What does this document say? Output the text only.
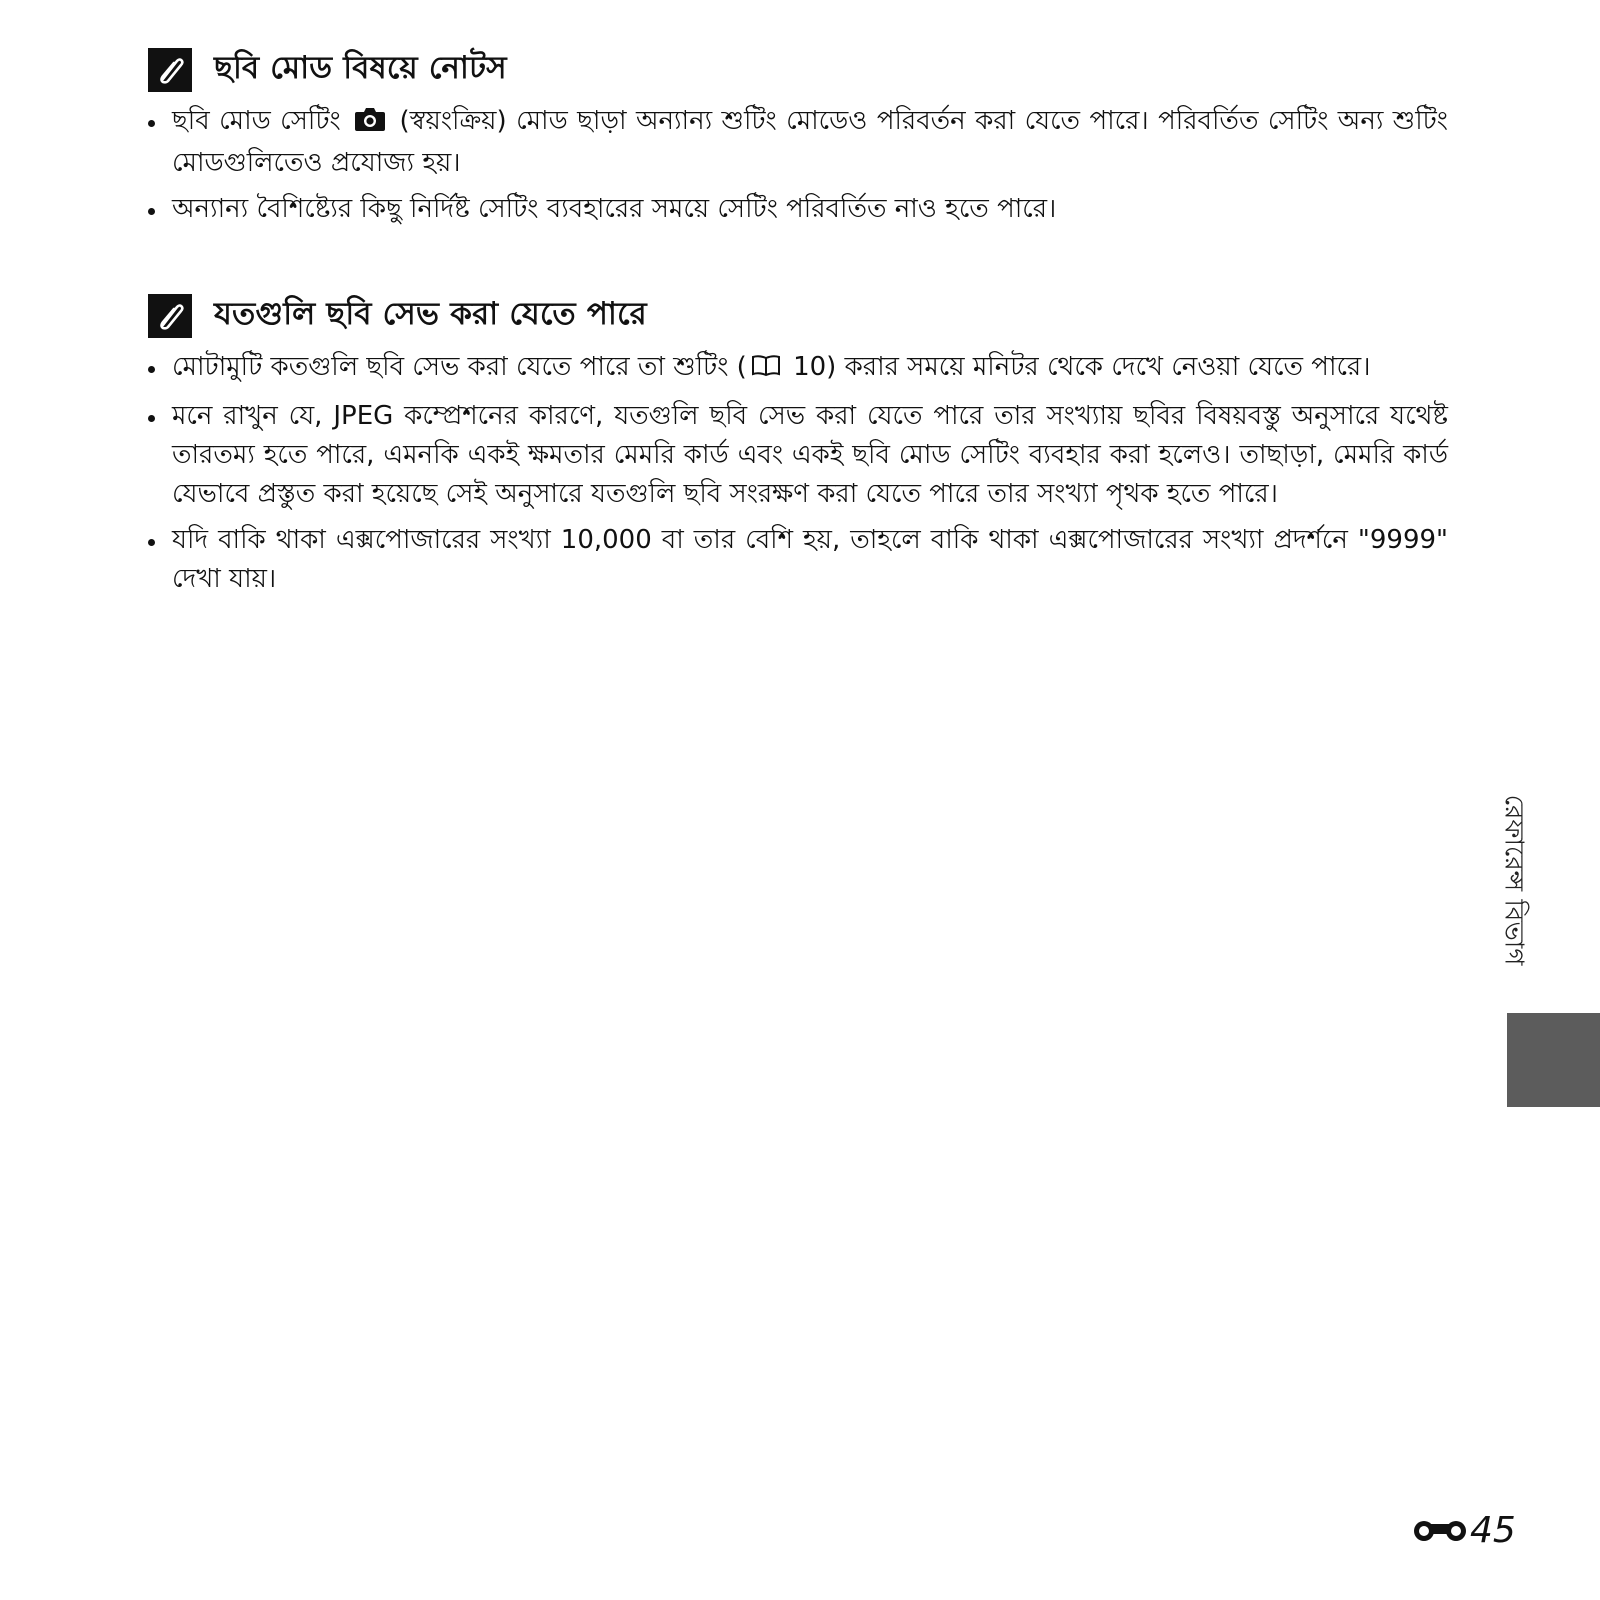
ছবি মোড বিষয়ে নোটস
ছবি মোড সেটিং (স্বয়ংক্রিয়) মোড ছাড়া অন্যান্য শুটিং মোডেও পরিবর্তন করা যেতে পারে। পরিবর্তিত সেটিং অন্য শুটিং মোডগুলিতেও প্রযোজ্য হয়।
অন্যান্য বৈশিষ্ট্যের কিছু নির্দিষ্ট সেটিং ব্যবহারের সময়ে সেটিং পরিবর্তিত নাও হতে পারে।
যতগুলি ছবি সেভ করা যেতে পারে
মোটামুটি কতগুলি ছবি সেভ করা যেতে পারে তা শুটিং ( 10) করার সময়ে মনিটর থেকে দেখে নেওয়া যেতে পারে।
মনে রাখুন যে, JPEG কম্প্রেশনের কারণে, যতগুলি ছবি সেভ করা যেতে পারে তার সংখ্যায় ছবির বিষয়বস্তু অনুসারে যথেষ্ট তারতম্য হতে পারে, এমনকি একই ক্ষমতার মেমরি কার্ড এবং একই ছবি মোড সেটিং ব্যবহার করা হলেও। তাছাড়া, মেমরি কার্ড যেভাবে প্রস্তুত করা হয়েছে সেই অনুসারে যতগুলি ছবি সংরক্ষণ করা যেতে পারে তার সংখ্যা পৃথক হতে পারে।
যদি বাকি থাকা এক্সপোজারের সংখ্যা 10,000 বা তার বেশি হয়, তাহলে বাকি থাকা এক্সপোজারের সংখ্যা প্রদর্শনে "9999" দেখা যায়।
রেফারেন্স বিভাগ
45
